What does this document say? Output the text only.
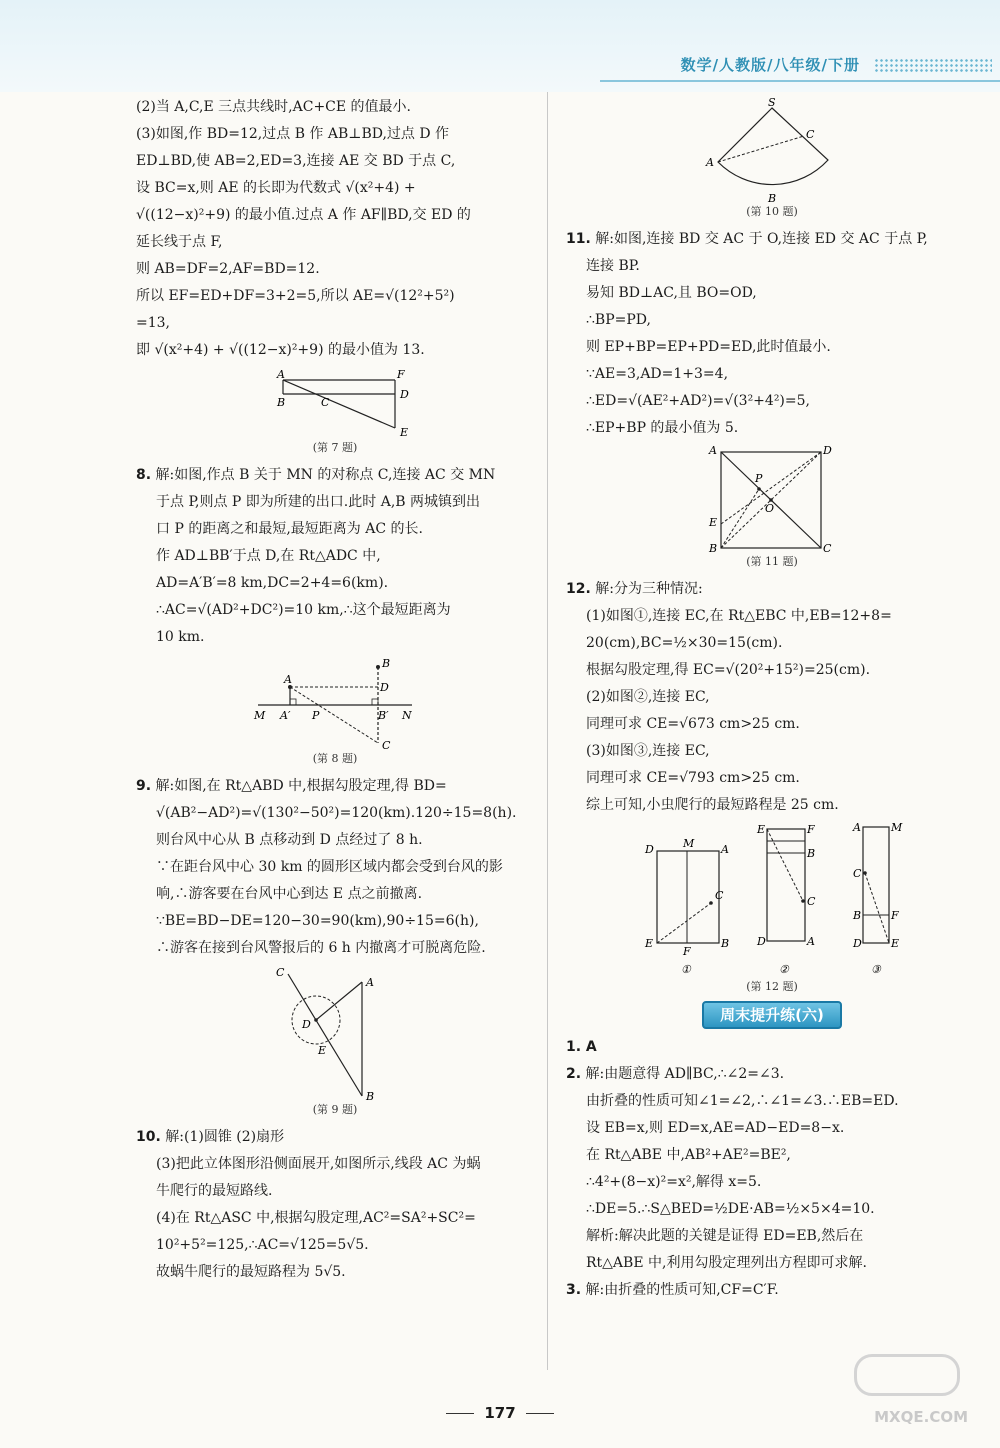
数学/人教版/八年级/下册
(2)当 A,C,E 三点共线时,AC+CE 的值最小.
(3)如图,作 BD=12,过点 B 作 AB⊥BD,过点 D 作
ED⊥BD,使 AB=2,ED=3,连接 AE 交 BD 于点 C,
设 BC=x,则 AE 的长即为代数式 √(x²+4) +
√((12−x)²+9) 的最小值.过点 A 作 AF∥BD,交 ED 的
延长线于点 F,
则 AB=DF=2,AF=BD=12.
所以 EF=ED+DF=3+2=5,所以 AE=√(12²+5²)
=13,
即 √(x²+4) + √((12−x)²+9) 的最小值为 13.
A	F
B	C
D
E
(第 7 题)
8. 解:如图,作点 B 关于 MN 的对称点 C,连接 AC 交 MN
于点 P,则点 P 即为所建的出口.此时 A,B 两城镇到出
口 P 的距离之和最短,最短距离为 AC 的长.
作 AD⊥BB′于点 D,在 Rt△ADC 中,
AD=A′B′=8 km,DC=2+4=6(km).
∴AC=√(AD²+DC²)=10 km,∴这个最短距离为
10 km.
B
A
D
M A′ P	B′ N
C
(第 8 题)
9. 解:如图,在 Rt△ABD 中,根据勾股定理,得 BD=
√(AB²−AD²)=√(130²−50²)=120(km).120÷15=8(h).
则台风中心从 B 点移动到 D 点经过了 8 h.
∵在距台风中心 30 km 的圆形区域内都会受到台风的影
响,∴游客要在台风中心到达 E 点之前撤离.
∵BE=BD−DE=120−30=90(km),90÷15=6(h),
∴游客在接到台风警报后的 6 h 内撤离才可脱离危险.
C
A
D
E
B
(第 9 题)
10. 解:(1)圆锥 (2)扇形
(3)把此立体图形沿侧面展开,如图所示,线段 AC 为蜗
牛爬行的最短路线.
(4)在 Rt△ASC 中,根据勾股定理,AC²=SA²+SC²=
10²+5²=125,∴AC=√125=5√5.
故蜗牛爬行的最短路程为 5√5.
S
C
A
B
(第 10 题)
11. 解:如图,连接 BD 交 AC 于 O,连接 ED 交 AC 于点 P,
连接 BP.
易知 BD⊥AC,且 BO=OD,
∴BP=PD,
则 EP+BP=EP+PD=ED,此时值最小.
∵AE=3,AD=1+3=4,
∴ED=√(AE²+AD²)=√(3²+4²)=5,
∴EP+BP 的最小值为 5.
A	D
P
O
E
B	C
(第 11 题)
12. 解:分为三种情况:
(1)如图①,连接 EC,在 Rt△EBC 中,EB=12+8=
20(cm),BC=½×30=15(cm).
根据勾股定理,得 EC=√(20²+15²)=25(cm).
(2)如图②,连接 EC,
同理可求 CE=√673 cm>25 cm.
(3)如图③,连接 EC,
同理可求 CE=√793 cm>25 cm.
综上可知,小虫爬行的最短路程是 25 cm.
D	M A
C
E
F
B
①
E	F
B
C
D	A
②
A	M
C
B	F
D	E
③
(第 12 题)
周末提升练(六)
1. A
2. 解:由题意得 AD∥BC,∴∠2=∠3.
由折叠的性质可知∠1=∠2,∴∠1=∠3.∴EB=ED.
设 EB=x,则 ED=x,AE=AD−ED=8−x.
在 Rt△ABE 中,AB²+AE²=BE²,
∴4²+(8−x)²=x²,解得 x=5.
∴DE=5.∴S△BED=½DE·AB=½×5×4=10.
解析:解决此题的关键是证得 ED=EB,然后在
Rt△ABE 中,利用勾股定理列出方程即可求解.
3. 解:由折叠的性质可知,CF=C′F.
177	MXQE.COM
